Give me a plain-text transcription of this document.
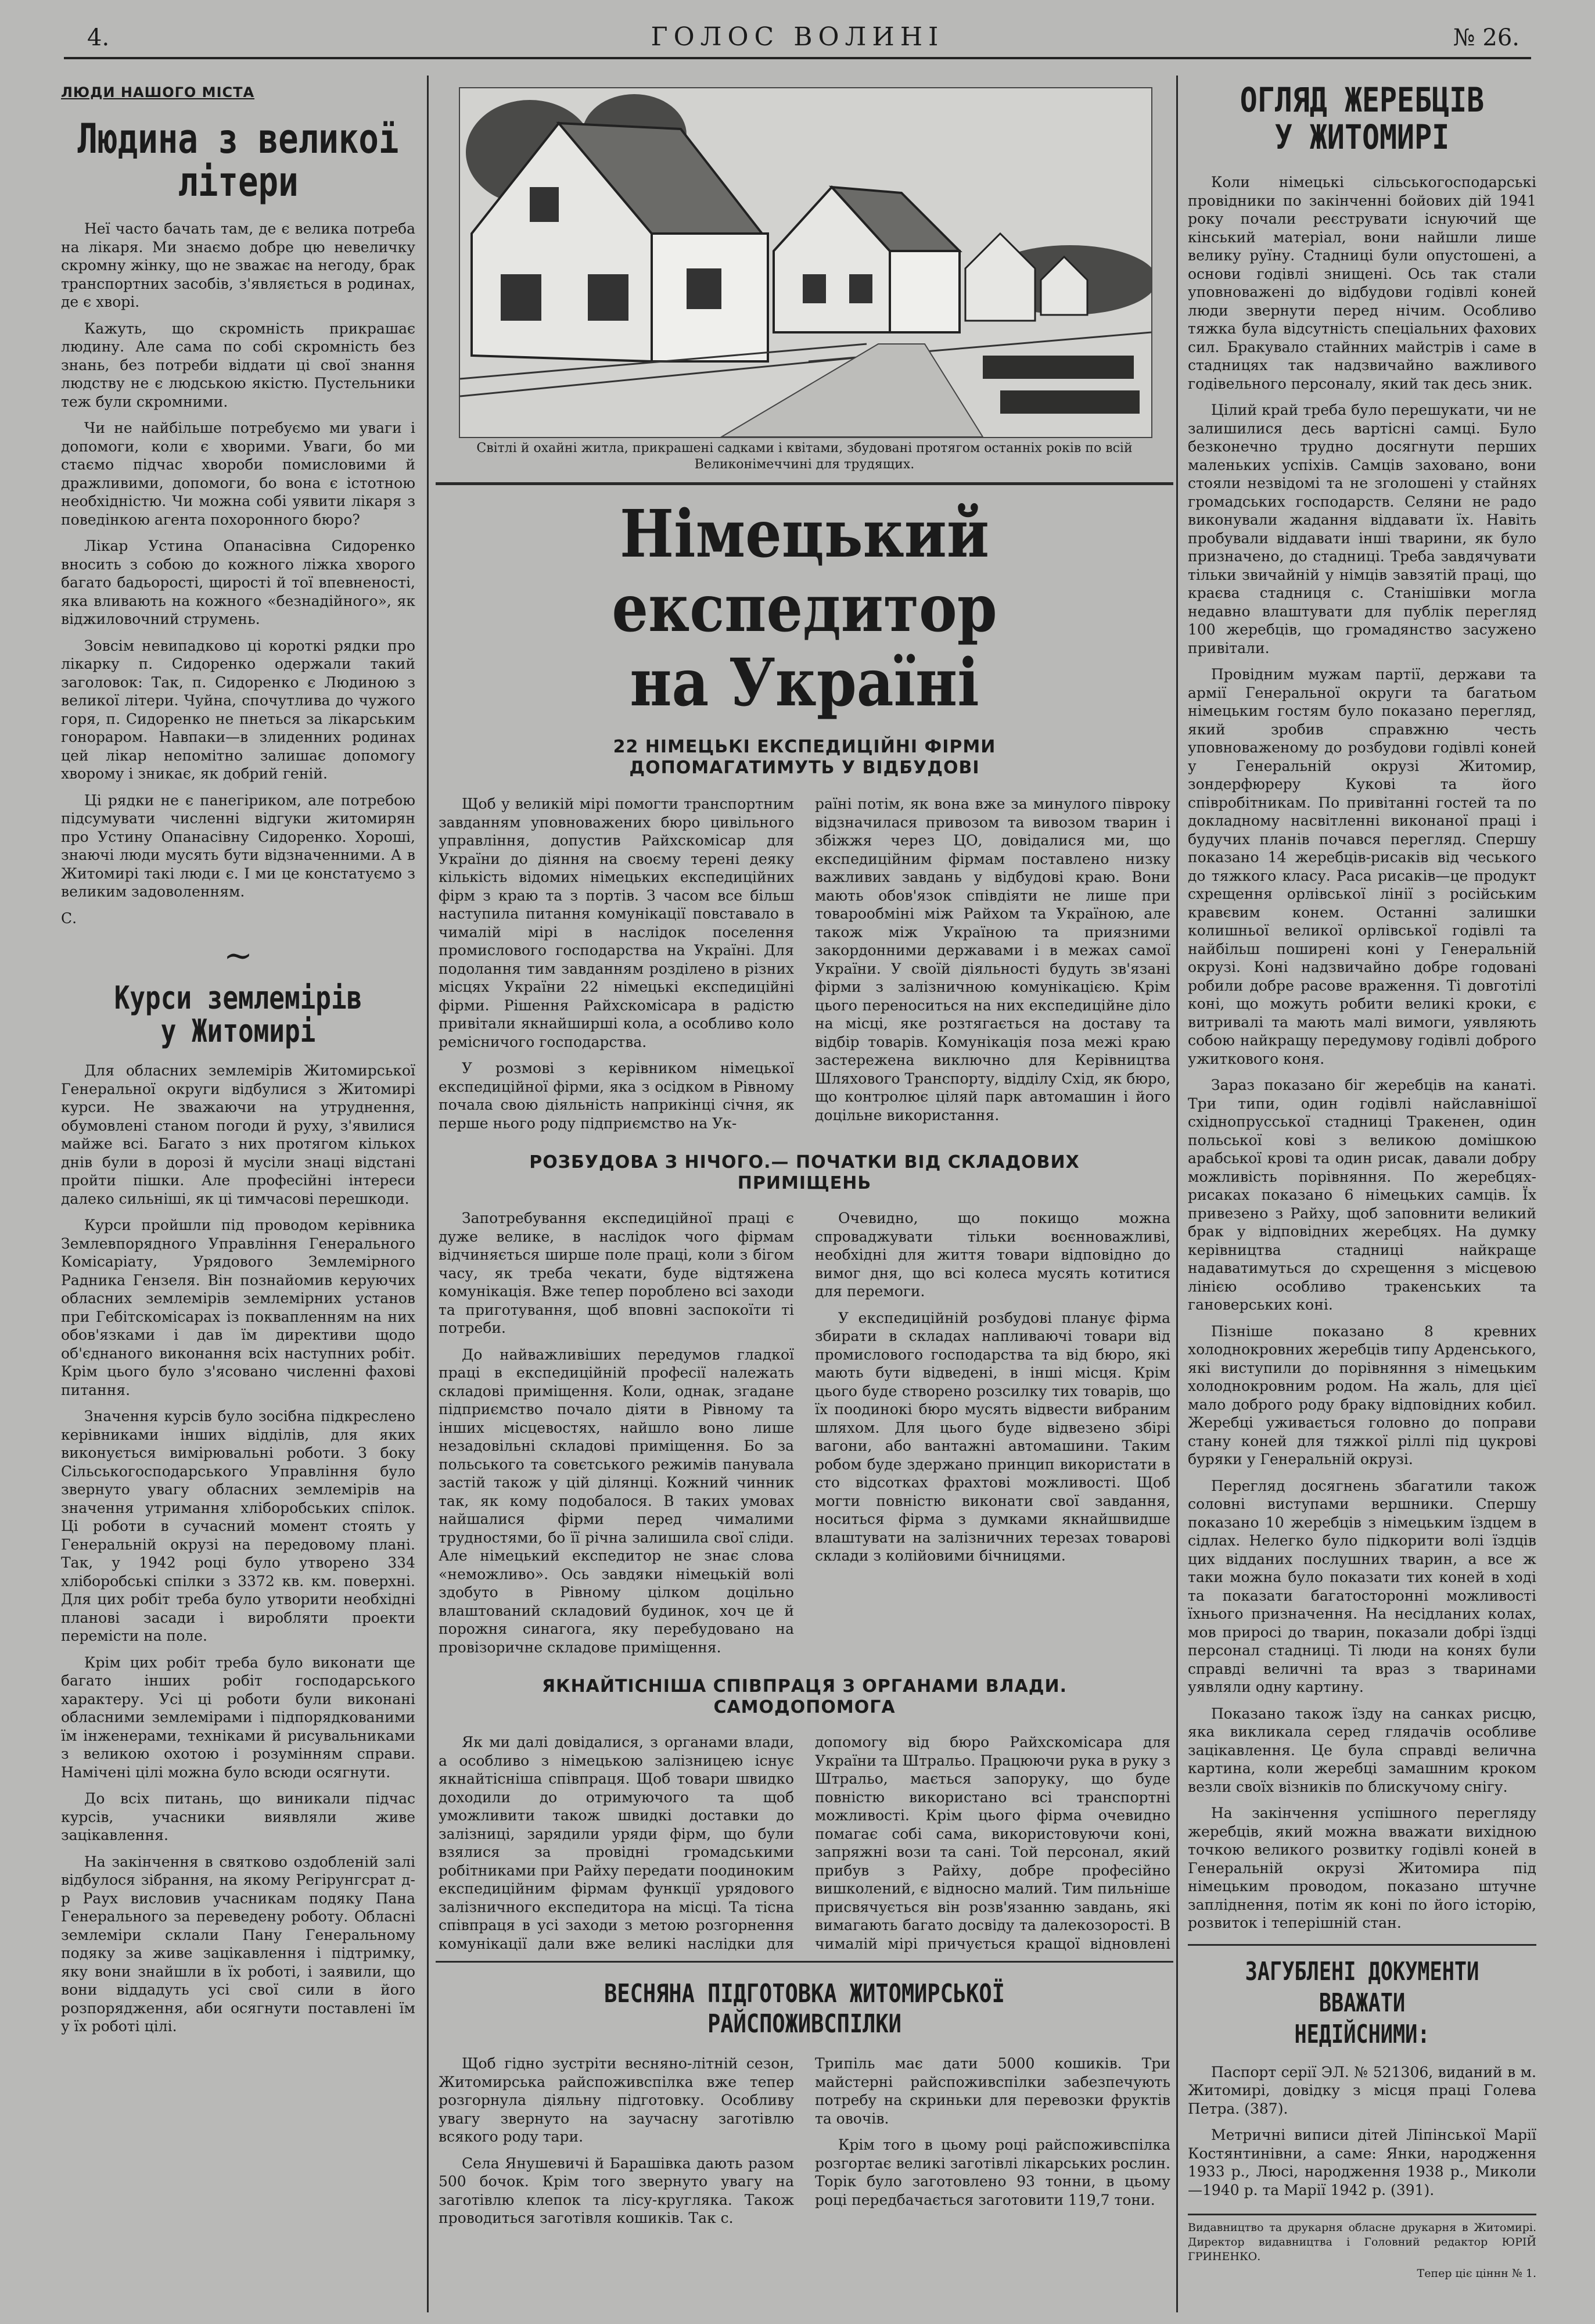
4.	ГОЛОС ВОЛИНІ	№ 26.
ЛЮДИ НАШОГО МІСТА
Людина з великої
літери

Неї часто бачать там, де є велика потреба на лікаря. Ми знаємо добре цю невеличку скромну жінку, що не зважає на негоду, брак транспортних засобів, з'являється в родинах, де є хворі.

Кажуть, що скромність прикрашає людину. Але сама по собі скромність без знань, без потреби віддати ці свої знання людству не є людською якістю. Пустельники теж були скромними.

Чи не найбільше потребуємо ми уваги і допомоги, коли є хворими. Уваги, бо ми стаємо підчас хвороби помисловими й дражливими, допомоги, бо вона є істотною необхідністю. Чи можна собі уявити лікаря з поведінкою агента похоронного бюро?

Лікар Устина Опанасівна Сидоренко вносить з собою до кожного ліжка хворого багато бадьорості, щирості й тої впевненості, яка вливають на кожного «безнадійного», як віджиловочний струмень.

Зовсім невипадково ці короткі рядки про лікарку п. Сидоренко одержали такий заголовок: Так, п. Сидоренко є Людиною з великої літери. Чуйна, спочутлива до чужого горя, п. Сидоренко не пнеться за лікарським гонораром. Навпаки—в злиденних родинах цей лікар непомітно залишає допомогу хворому і зникає, як добрий геній.

Ці рядки не є панегіриком, але потребою підсумувати численні відгуки житомирян про Устину Опанасівну Сидоренко. Хороші, знаючі люди мусять бути відзначенними. А в Житомирі такі люди є. І ми це констатуємо з великим задоволенням.

С.

~
Курси землемірів
у Житомирі

Для обласних землемірів Житомирської Генеральної округи відбулися з Житомирі курси. Не зважаючи на утруднення, обумовлені станом погоди й руху, з'явилися майже всі. Багато з них протягом кількох днів були в дорозі й мусіли знаці відстані пройти пішки. Але професійні інтереси далеко сильніші, як ці тимчасові перешкоди.

Курси пройшли під проводом керівника Землевпорядного Управління Генерального Комісаріату, Урядового Землемірного Радника Гензеля. Він познайомив керуючих обласних землемірів землемірних установ при Гебітскомісарах із поквапленням на них обов'язками і дав їм директиви щодо об'єднаного виконання всіх наступних робіт. Крім цього було з'ясовано численні фахові питання.

Значення курсів було зосібна підкреслено керівниками інших відділів, для яких виконується вимірювальні роботи. З боку Сільськогосподарського Управління було звернуто увагу обласних землемірів на значення утримання хліборобських спілок. Ці роботи в сучасний момент стоять у Генеральній окрузі на передовому плані. Так, у 1942 році було утворено 334 хліборобські спілки з 3372 кв. км. поверхні. Для цих робіт треба було утворити необхідні планові засади і виробляти проекти перемісти на поле.

Крім цих робіт треба було виконати ще багато інших робіт господарського характеру. Усі ці роботи були виконані обласними землемірами і підпорядкованими їм інженерами, техніками й рисувальниками з великою охотою і розумінням справи. Намічені цілі можна було всюди осягнути.

До всіх питань, що виникали підчас курсів, учасники виявляли живе зацікавлення.

На закінчення в святково оздобленій залі відбулося зібрання, на якому Регірунгсрат д-р Раух висловив учасникам подяку Пана Генерального за переведену роботу. Обласні землеміри склали Пану Генеральному подяку за живе зацікавлення і підтримку, яку вони знайшли в їх роботі, і заявили, що вони віддадуть усі свої сили в його розпорядження, аби осягнути поставлені їм у їх роботі цілі.

Світлі й охайні житла, прикрашені садками і квітами, збудовані протягом останніх років по всій Великонімеччині для трудящих.
Німецький експедитор
на Україні
22 НІМЕЦЬКІ ЕКСПЕДИЦІЙНІ ФІРМИ ДОПОМАГАТИМУТЬ У ВІДБУДОВІ

Щоб у великій мірі помогти транспортним завданням уповноважених бюро цивільного управління, допустив Райхскомісар для України до діяння на своєму терені деяку кількість відомих німецьких експедиційних фірм з краю та з портів. З часом все більш наступила питання комунікації повставало в чималій мірі в наслідок поселення промислового господарства на Україні. Для подолання тим завданням розділено в різних місцях України 22 німецькі експедиційні фірми. Рішення Райхскомісара в радістю привітали якнайширші кола, а особливо коло ремісничого господарства.

У розмові з керівником німецької експедиційної фірми, яка з осідком в Рівному почала свою діяльність наприкінці січня, як перше нього роду підприємство на Ук-

раїні потім, як вона вже за минулого півроку відзначилася привозом та вивозом тварин і збіжжя через ЦО, довідалися ми, що експедиційним фірмам поставлено низку важливих завдань у відбудові краю. Вони мають обов'язок співдіяти не лише при товарообміні між Райхом та Україною, але також між Україною та приязними закордонними державами і в межах самої України. У своїй діяльності будуть зв'язані фірми з залізничною комунікацією. Крім цього переноситься на них експедиційне діло на місці, яке розтягається на доставу та відбір товарів. Комунікація поза межі краю застережена виключно для Керівництва Шляхового Транспорту, відділу Схід, як бюро, що контролює ціляй парк автомашин і його доцільне використання.

РОЗБУДОВА З НІЧОГО.— ПОЧАТКИ ВІД СКЛАДОВИХ ПРИМІЩЕНЬ

Запотребування експедиційної праці є дуже велике, в наслідок чого фірмам відчиняється ширше поле праці, коли з бігом часу, як треба чекати, буде відтяжена комунікація. Вже тепер пороблено всі заходи та приготування, щоб вповні заспокоїти ті потреби.

До найважливіших передумов гладкої праці в експедиційній професії належать складові приміщення. Коли, однак, згадане підприємство почало діяти в Рівному та інших місцевостях, найшло воно лише незадовільні складові приміщення. Бо за польського та совєтського режимів панувала застій також у цій ділянці. Кожний чинник так, як кому подобалося. В таких умовах найшалися фірми перед чималими трудностями, бо її річна залишила свої сліди. Але німецький експедитор не знає слова «неможливо». Ось завдяки німецькій волі здобуто в Рівному цілком доцільно влаштований складовий будинок, хоч це й порожня синагога, яку перебудовано на провізоричне складове приміщення.

Очевидно, що покищо можна спроваджувати тільки воєнноважливі, необхідні для життя товари відповідно до вимог дня, що всі колеса мусять котитися для перемоги.

У експедиційній розбудові планує фірма збирати в складах напливаючі товари від промислового господарства та від бюро, які мають бути відведені, в інші місця. Крім цього буде створено розсилку тих товарів, що їх поодинокі бюро мусять відвести вибраним шляхом. Для цього буде відвезено збірі вагони, або вантажні автомашини. Таким робом буде здержано принцип використати в сто відсотках фрахтові можливості. Щоб могти повністю виконати свої завдання, носиться фірма з думками якнайшвидше влаштувати на залізничних терезах товарові склади з колійовими бічницями.

ЯКНАЙТІСНІША СПІВПРАЦЯ З ОРГАНАМИ ВЛАДИ. САМОДОПОМОГА

Як ми далі довідалися, з органами влади, а особливо з німецькою залізницею існує якнайтісніша співпраця. Щоб товари швидко доходили до отримуючого та щоб уможливити також швидкі доставки до залізниці, зарядили уряди фірм, що були взялися за провідні громадськими робітниками при Райху передати поодиноким експедиційним фірмам функції урядового залізничного експедитора на місці. Та тісна співпраця в усі заходи з метою розгорнення комунікації дали вже великі наслідки для

допомогу від бюро Райхскомісара для України та Штральо. Працюючи рука в руку з Штральо, мається запоруку, що буде повністю використано всі транспортні можливості. Крім цього фірма очевидно помагає собі сама, використовуючи коні, запряжні вози та сані. Той персонал, який прибув з Райху, добре професійно вишколений, є відносно малий. Тим пильніше присвячується він розв'язанню завдань, які вимагають багато досвіду та далекозорості. В чималій мірі причується кращої відновлені

ВЕСНЯНА ПІДГОТОВКА ЖИТОМИРСЬКОЇ
РАЙСПОЖИВСПІЛКИ

Щоб гідно зустріти весняно-літній сезон, Житомирська райспоживспілка вже тепер розгорнула діяльну підготовку. Особливу увагу звернуто на заучасну заготівлю всякого роду тари.

Села Янушевичі й Барашівка дають разом 500 бочок. Крім того звернуто увагу на заготівлю клепок та лісу-кругляка. Також проводиться заготівля кошиків. Так с.

Трипіль має дати 5000 кошиків. Три майстерні райспоживспілки забезпечують потребу на скриньки для перевозки фруктів та овочів.

Крім того в цьому році райспоживспілка розгортає великі заготівлі лікарських рослин. Торік було заготовлено 93 тонни, в цьому році передбачається заготовити 119,7 тони.

ОГЛЯД ЖЕРЕБЦІВ
У ЖИТОМИРІ

Коли німецькі сільськогосподарські провідники по закінченні бойових дій 1941 року почали реєструвати існуючий ще кінський матеріал, вони найшли лише велику руїну. Стадниці були опустошені, а основи годівлі знищені. Ось так стали уповноважені до відбудови годівлі коней люди звернути перед нічим. Особливо тяжка була відсутність спеціальних фахових сил. Бракувало стайнних майстрів і саме в стадницях так надзвичайно важливого годівельного персоналу, який так десь зник.

Цілий край треба було перешукати, чи не залишилися десь вартісні самці. Було безконечно трудно досягнути перших маленьких успіхів. Самців заховано, вони стояли незвідомі та не зголошені у стайнях громадських господарств. Селяни не радо виконували жадання віддавати їх. Навіть пробували віддавати інші тварини, як було призначено, до стадниці. Треба завдячувати тільки звичайній у німців завзятій праці, що краєва стадниця с. Станішівки могла недавно влаштувати для публік перегляд 100 жеребців, що громадянство засужено привітали.

Провідним мужам партії, держави та армії Генеральної округи та багатьом німецьким гостям було показано перегляд, який зробив справжню честь уповноваженому до розбудови годівлі коней у Генеральній окрузі Житомир, зондерфюреру Куковi та його співробітникам. По привітанні гостей та по докладному насвітленні виконаної праці і будучих планів почався перегляд. Спершу показано 14 жеребців-рисаків від чеського до тяжкого класу. Раса рисаків—це продукт схрещення орлівської лінії з російським кравєвим конем. Останні залишки колишньої великої орлівської годівлі та найбільш поширені коні у Генеральній окрузі. Коні надзвичайно добре годовані робили добре раcове враження. Ті довготілі коні, що можуть робити великі кроки, є витривалі та мають малі вимоги, уявляють собою найкращу передумову годівлі доброго ужиткового коня.

Зараз показано біг жеребців на канаті. Три типи, один годівлі найславнішої східнопрусської стадниці Тракенен, один польської кові з великою домішкою арабської крові та один рисак, давали добру можливість порівняння. По жеребцях-рисаках показано 6 німецьких самців. Їх привезено з Райху, щоб заповнити великий брак у відповідних жеребцях. На думку керівництва стадниці найкраще надаватимуться до схрещення з місцевою лінією особливо тракенських та гановерських коні.

Пізніше показано 8 кревних холоднокровних жеребців типу Арденського, які виступили до порівняння з німецьким холоднокровним родом. На жаль, для цієї мало доброго роду браку відповідних кобил. Жеребці уживається головно до поправи стану коней для тяжкої ріллі під цукрові буряки у Генеральній окрузі.

Перегляд досягнень збагатили також соловні виступами вершники. Спершу показано 10 жеребців з німецьким їздцем в сідлах. Нелегко було підкорити волі їздців цих відданих послушних тварин, а все ж таки можна було показати тих коней в ході та показати багатосторонні можливості їхнього призначення. На несідланих колах, мов приросі до тварин, показали добрі їздці персонал стадниці. Ті люди на конях були справді величні та враз з тваринами уявляли одну картину.

Показано також їзду на санках рисцю, яка викликала серед глядачів особливе зацікавлення. Це була справді величнa картина, коли жеребці замашним кроком везли своїх візників по блискучому снігу.

На закінчення успішного перегляду жеребців, який можна вважати вихідною точкою великого розвитку годівлі коней в Генеральній окрузі Житомира під німецьким проводом, показано штучне запліднення, потім як коні по його історію, розвиток і теперішній стан.

ЗАГУБЛЕНІ ДОКУМЕНТИ ВВАЖАТИ
НЕДІЙСНИМИ:

Паспорт серії ЭЛ. № 521306, виданий в м. Житомирі, довідку з місця праці Голева Петра. (387).

Метричні виписи дітей Ліпінської Марії Костянтинівни, а саме: Янки, народження 1933 р., Люсі, народження 1938 р., Миколи—1940 р. та Марії 1942 р. (391).

Видавництво та друкарня обласне друкарня в Житомирі. Директор видавництва і Головний редактор ЮРІЙ ГРИНЕНКО.
Тепер ціє ціннн № 1.
